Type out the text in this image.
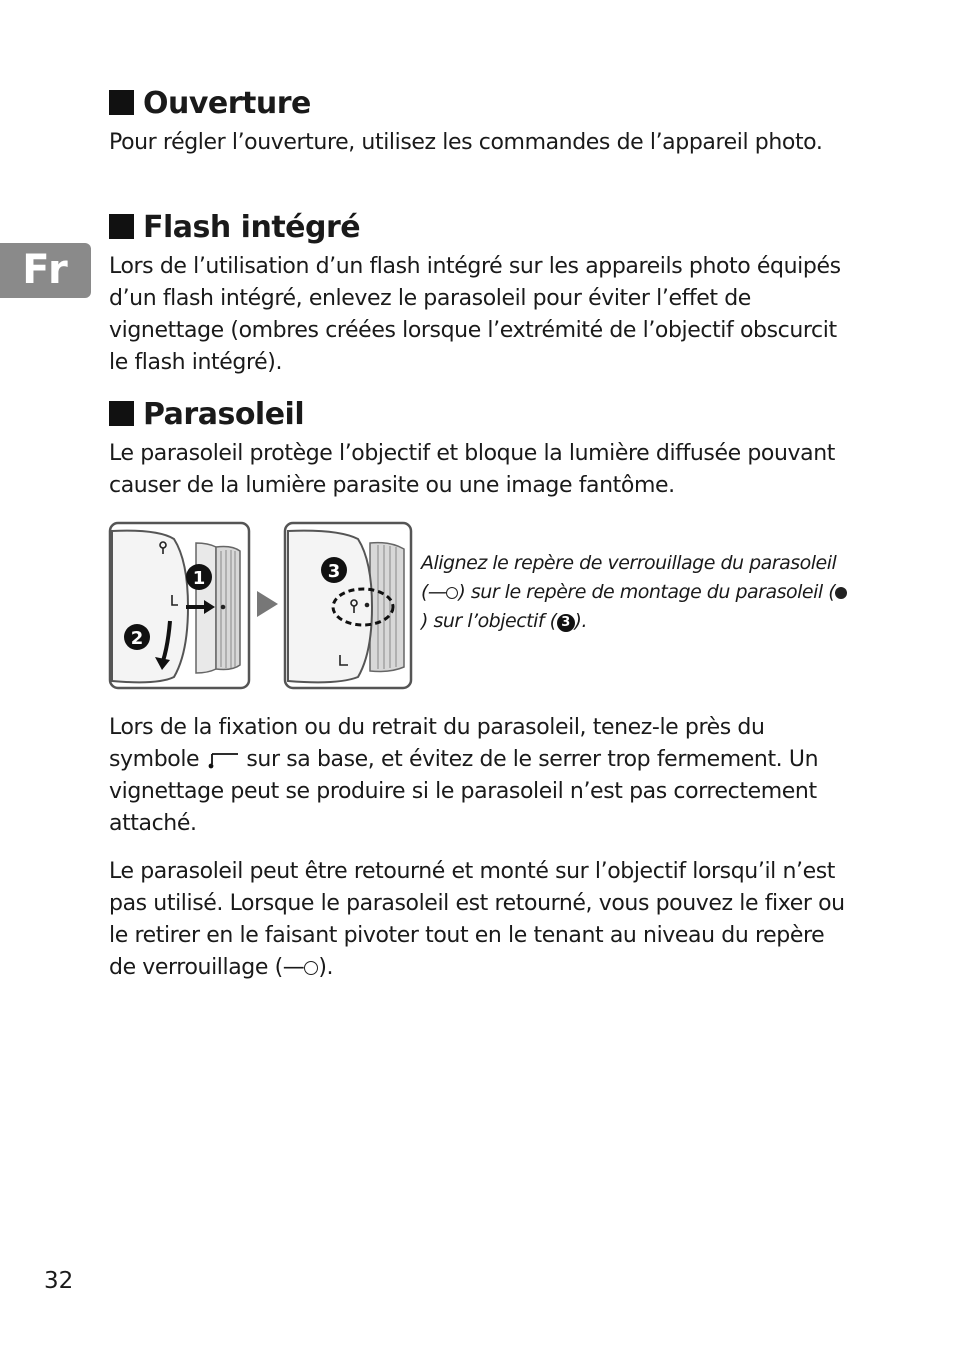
Fr
Ouverture

Pour régler l’ouverture, utilisez les commandes de l’appareil photo.

Flash intégré

Lors de l’utilisation d’un flash intégré sur les appareils photo équipés d’un flash intégré, enlevez le parasoleil pour éviter l’effet de vignettage (ombres créées lorsque l’extrémité de l’objectif obscurcit le flash intégré).

Parasoleil

Le parasoleil protège l’objectif et bloque la lumière diffusée pouvant causer de la lumière parasite ou une image fantôme.

1
2
3	Alignez le repère de verrouillage du parasoleil (— ) sur le repère de montage du parasoleil () sur l’objectif ( 3 ).

Lors de la fixation ou du retrait du parasoleil, tenez-le près du symbole  sur sa base, et évitez de le serrer trop fermement. Un vignettage peut se produire si le parasoleil n’est pas correctement attaché.

Le parasoleil peut être retourné et monté sur l’objectif lorsqu’il n’est pas utilisé. Lorsque le parasoleil est retourné, vous pouvez le fixer ou le retirer en le faisant pivoter tout en le tenant au niveau du repère de verrouillage (— ).

32
